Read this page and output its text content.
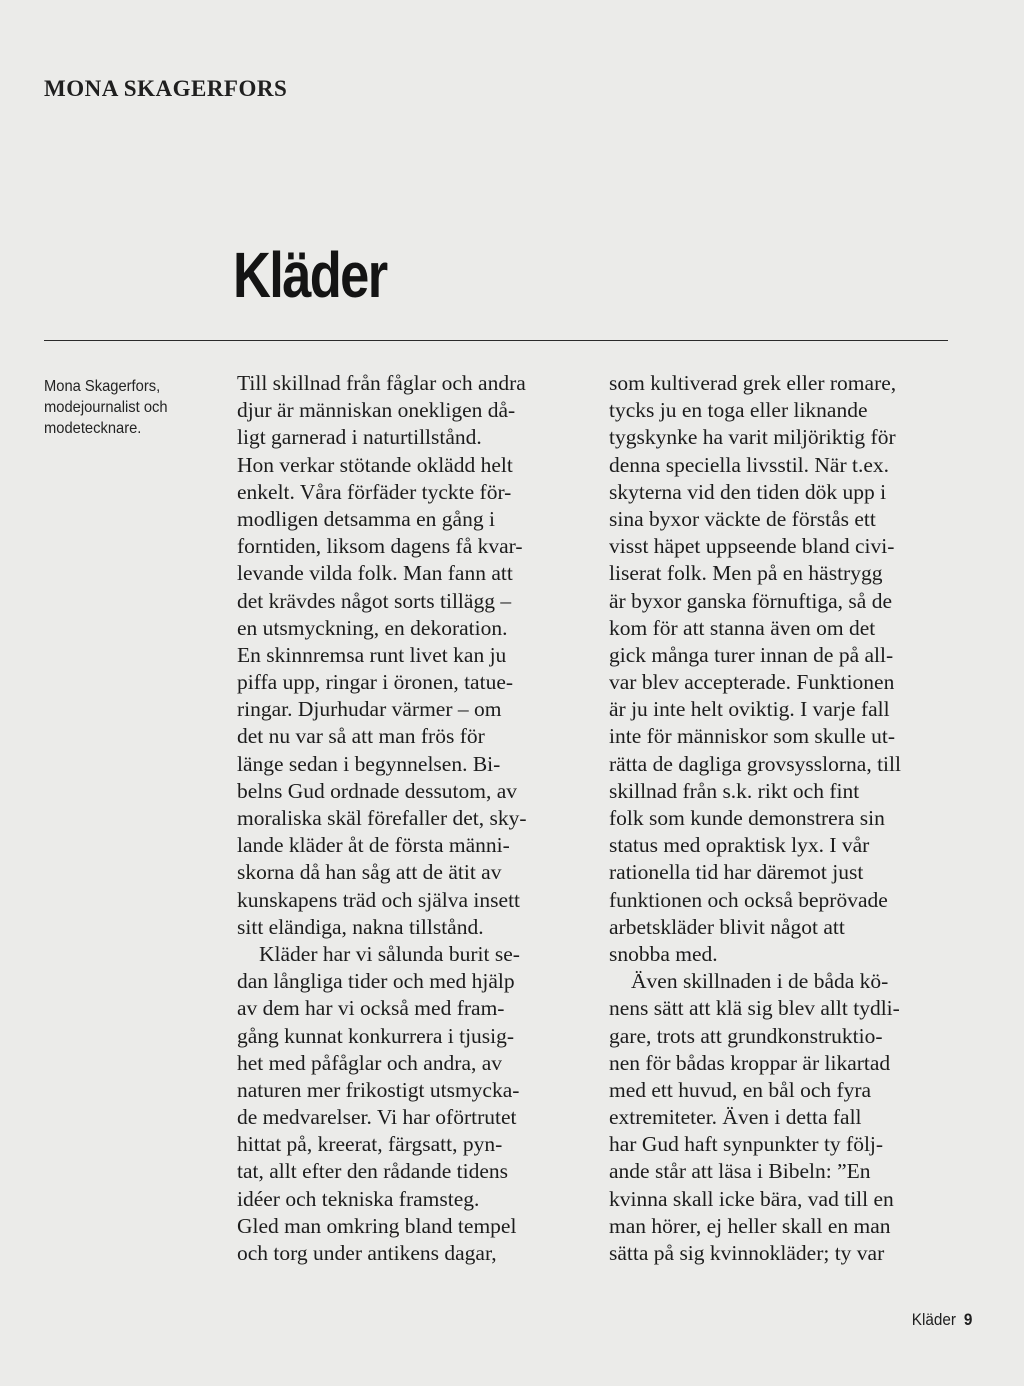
MONA SKAGERFORS
Kläder
Mona Skagerfors,
modejournalist och
modetecknare.
Till skillnad från fåglar och andra
djur är människan onekligen då-
ligt garnerad i naturtillstånd.
Hon verkar stötande oklädd helt
enkelt. Våra förfäder tyckte för-
modligen detsamma en gång i
forntiden, liksom dagens få kvar-
levande vilda folk. Man fann att
det krävdes något sorts tillägg –
en utsmyckning, en dekoration.
En skinnremsa runt livet kan ju
piffa upp, ringar i öronen, tatue-
ringar. Djurhudar värmer – om
det nu var så att man frös för
länge sedan i begynnelsen. Bi-
belns Gud ordnade dessutom, av
moraliska skäl förefaller det, sky-
lande kläder åt de första männi-
skorna då han såg att de ätit av
kunskapens träd och själva insett
sitt eländiga, nakna tillstånd.
Kläder har vi sålunda burit se-
dan långliga tider och med hjälp
av dem har vi också med fram-
gång kunnat konkurrera i tjusig-
het med påfåglar och andra, av
naturen mer frikostigt utsmycka-
de medvarelser. Vi har oförtrutet
hittat på, kreerat, färgsatt, pyn-
tat, allt efter den rådande tidens
idéer och tekniska framsteg.
Gled man omkring bland tempel
och torg under antikens dagar,
som kultiverad grek eller romare,
tycks ju en toga eller liknande
tygskynke ha varit miljöriktig för
denna speciella livsstil. När t.ex.
skyterna vid den tiden dök upp i
sina byxor väckte de förstås ett
visst häpet uppseende bland civi-
liserat folk. Men på en hästrygg
är byxor ganska förnuftiga, så de
kom för att stanna även om det
gick många turer innan de på all-
var blev accepterade. Funktionen
är ju inte helt oviktig. I varje fall
inte för människor som skulle ut-
rätta de dagliga grovsysslorna, till
skillnad från s.k. rikt och fint
folk som kunde demonstrera sin
status med opraktisk lyx. I vår
rationella tid har däremot just
funktionen och också beprövade
arbetskläder blivit något att
snobba med.
Även skillnaden i de båda kö-
nens sätt att klä sig blev allt tydli-
gare, trots att grundkonstruktio-
nen för bådas kroppar är likartad
med ett huvud, en bål och fyra
extremiteter. Även i detta fall
har Gud haft synpunkter ty följ-
ande står att läsa i Bibeln: ”En
kvinna skall icke bära, vad till en
man hörer, ej heller skall en man
sätta på sig kvinnokläder; ty var
Kläder 9
